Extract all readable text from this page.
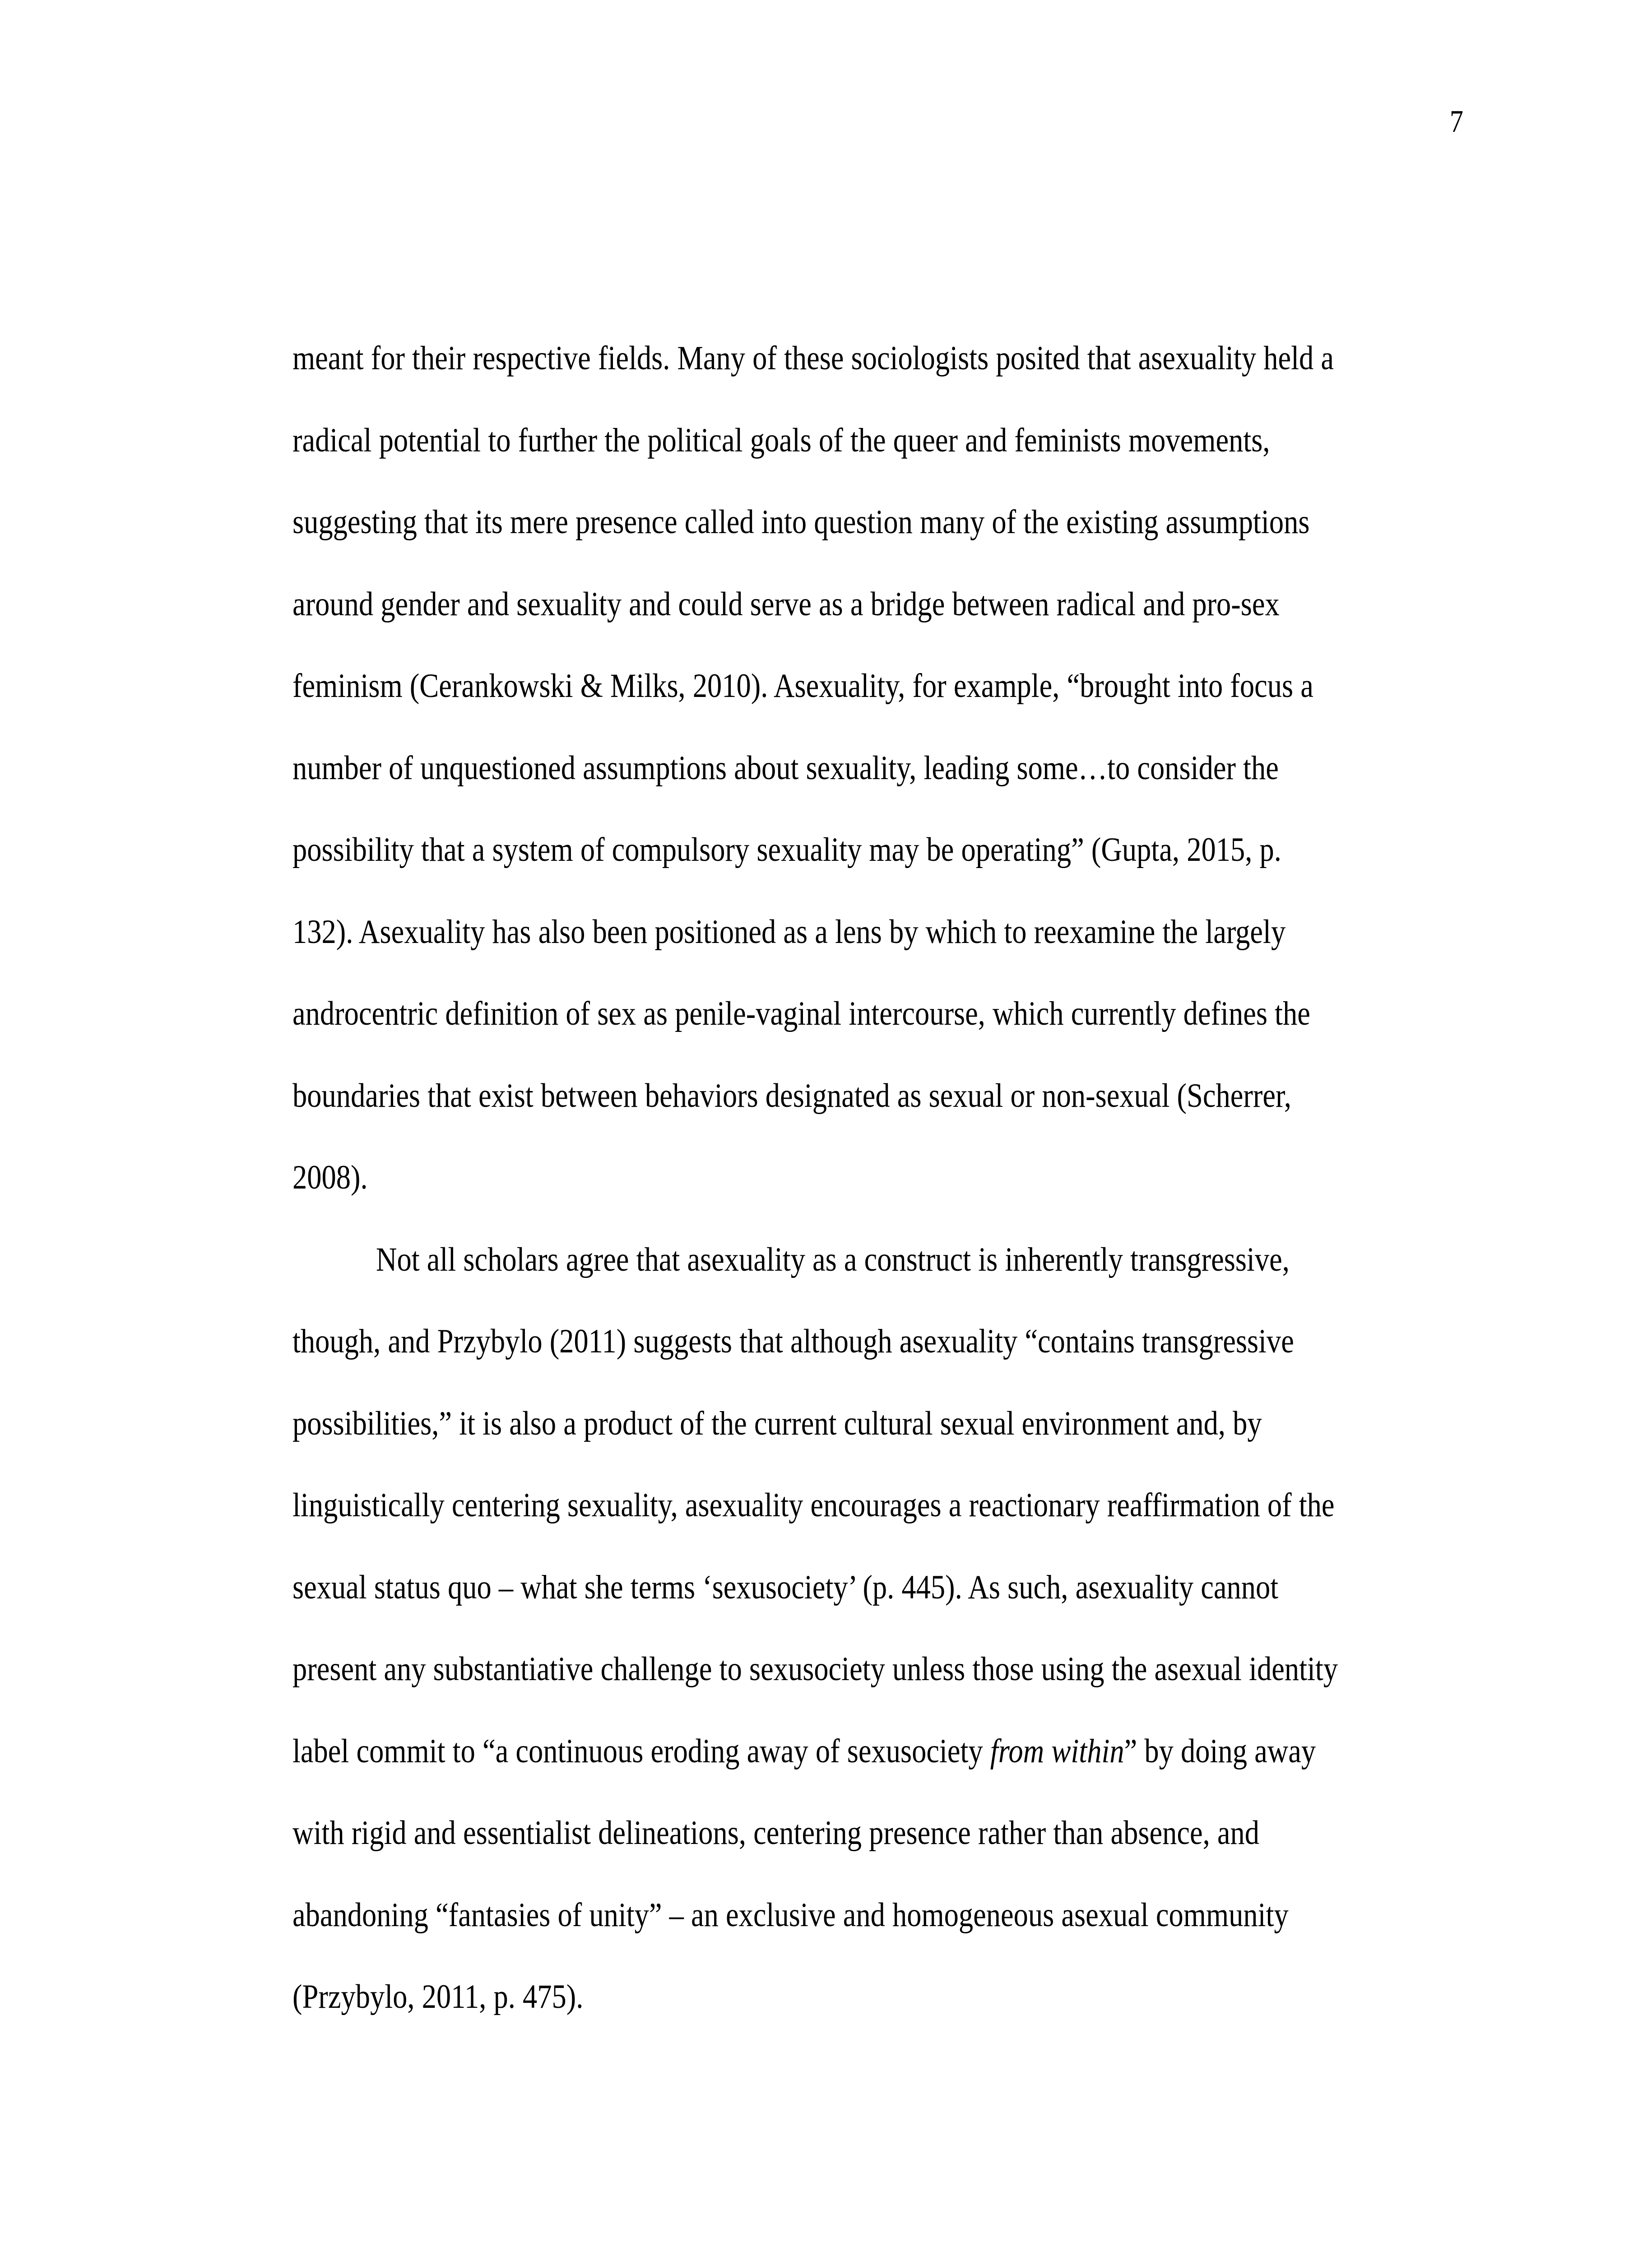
7

meant for their respective fields. Many of these sociologists posited that asexuality held a
radical potential to further the political goals of the queer and feminists movements,
suggesting that its mere presence called into question many of the existing assumptions
around gender and sexuality and could serve as a bridge between radical and pro-sex
feminism (Cerankowski & Milks, 2010). Asexuality, for example, “brought into focus a
number of unquestioned assumptions about sexuality, leading some…to consider the
possibility that a system of compulsory sexuality may be operating” (Gupta, 2015, p.
132). Asexuality has also been positioned as a lens by which to reexamine the largely
androcentric definition of sex as penile-vaginal intercourse, which currently defines the
boundaries that exist between behaviors designated as sexual or non-sexual (Scherrer,
2008).
Not all scholars agree that asexuality as a construct is inherently transgressive,
though, and Przybylo (2011) suggests that although asexuality “contains transgressive
possibilities,” it is also a product of the current cultural sexual environment and, by
linguistically centering sexuality, asexuality encourages a reactionary reaffirmation of the
sexual status quo – what she terms ‘sexusociety’ (p. 445). As such, asexuality cannot
present any substantiative challenge to sexusociety unless those using the asexual identity
label commit to “a continuous eroding away of sexusociety from within” by doing away
with rigid and essentialist delineations, centering presence rather than absence, and
abandoning “fantasies of unity” – an exclusive and homogeneous asexual community
(Przybylo, 2011, p. 475).
